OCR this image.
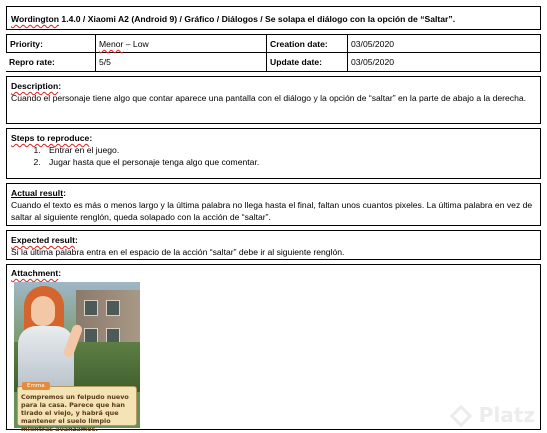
Wordington 1.4.0 / Xiaomi A2 (Android 9) / Gráfico / Diálogos / Se solapa el diálogo con la opción de “Saltar”.
Priority:	Menor – Low	Creation date:	03/05/2020
Repro rate:	5/5	Update date:	03/05/2020
Description:
Cuando el personaje tiene algo que contar aparece una pantalla con el diálogo y la opción de “saltar” en la parte de abajo a la derecha.
Steps to reproduce:
1. Entrar en el juego.
2. Jugar hasta que el personaje tenga algo que comentar.
Actual result:
Cuando el texto es más o menos largo y la última palabra no llega hasta el final, faltan unos cuantos pixeles. La última palabra en vez de saltar al siguiente renglón, queda solapado con la acción de “saltar”.
Expected result:
Si la última palabra entra en el espacio de la acción “saltar” debe ir al siguiente renglón.
Attachment:
Compremos un felpudo nuevo para la casa. Parece que han tirado el viejo, y habrá que mantener el suelo limpio mientras avanzamos.
Emma
Platz
